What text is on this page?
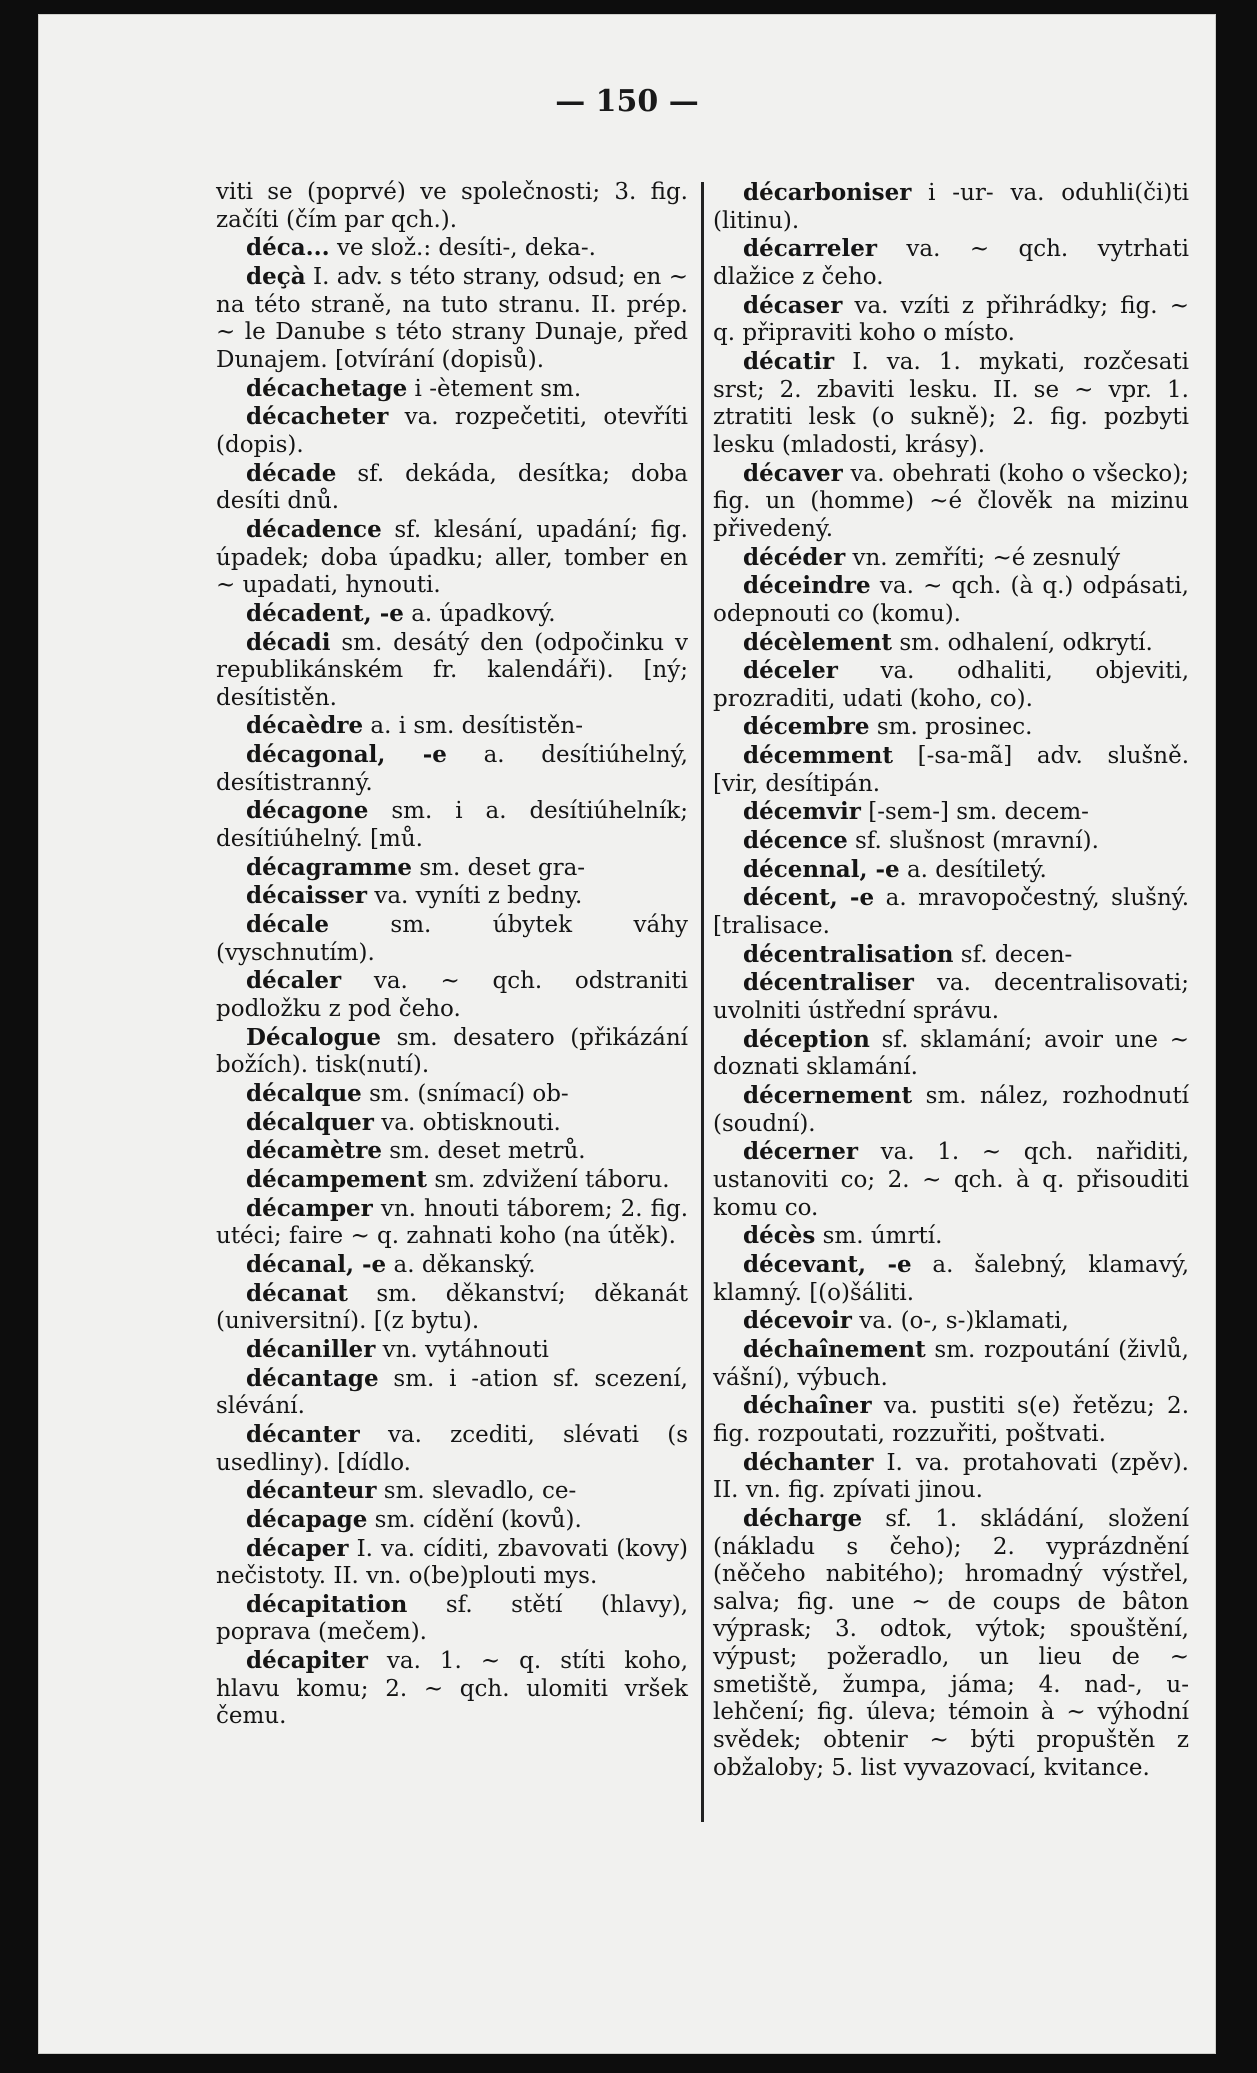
— 150 —

viti se (poprvé) ve společnosti; 3. fig. začíti (čím par qch.).

déca... ve slož.: desíti-, deka-.

deçà I. adv. s této strany, odsud; en ~ na této straně, na tuto stranu. II. prép. ~ le Danube s této strany Dunaje, před Dunajem. [otvírání (dopisů).

décachetage i -ètement sm.

décacheter va. rozpečetiti, otevříti (dopis).

décade sf. dekáda, desítka; doba desíti dnů.

décadence sf. klesání, upadání; fig. úpadek; doba úpadku; aller, tomber en ~ upadati, hynouti.

décadent, -e a. úpadkový.

décadi sm. desátý den (odpočinku v republikánském fr. kalendáři). [ný; desítistěn.

décaèdre a. i sm. desítistěn-

décagonal, -e a. desítiúhelný, desítistranný.

décagone sm. i a. desítiúhelník; desítiúhelný. [mů.

décagramme sm. deset gra-

décaisser va. vyníti z bedny.

décale	sm. úbytek váhy (vyschnutím).

décaler va. ~ qch. odstraniti podložku z pod čeho.

Décalogue sm. desatero (přikázání božích). tisk(nutí).

décalque sm. (snímací) ob-

décalquer va. obtisknouti.

décamètre sm. deset metrů.

décampement sm. zdvižení táboru.

décamper vn. hnouti táborem; 2. fig. utéci; faire ~ q. zahnati koho (na útěk).

décanal, -e a. děkanský.

décanat sm. děkanství; děkanát (universitní). [(z bytu).

décaniller vn. vytáhnouti

décantage sm. i -ation sf. scezení, slévání.

décanter va. zcediti, slévati (s usedliny). [dídlo.

décanteur sm. slevadlo, ce-

décapage sm. cídění (kovů).

décaper I. va. cíditi, zbavovati (kovy) nečistoty. II. vn. o(be)plouti mys.

décapitation sf. stětí (hlavy), poprava (mečem).

décapiter va. 1. ~ q. stíti koho, hlavu komu; 2. ~ qch. ulomiti vršek čemu.

décarboniser i -ur- va. oduhli(či)ti (litinu).

décarreler va. ~ qch. vytrhati dlažice z čeho.

décaser va. vzíti z přihrádky; fig. ~ q. připraviti koho o místo.

décatir I. va. 1. mykati, rozčesati srst; 2. zbaviti lesku. II. se ~ vpr. 1. ztratiti lesk (o sukně); 2. fig. pozbyti lesku (mladosti, krásy).

décaver va. obehrati (koho o všecko); fig. un (homme) ~é člověk na mizinu přivedený.

décéder vn. zemříti; ~é zesnulý

déceindre va. ~ qch. (à q.) odpásati, odepnouti co (komu).

décèlement sm. odhalení, odkrytí.

déceler va. odhaliti, objeviti, prozraditi, udati (koho, co).

décembre sm. prosinec.

décemment [-sa-mã] adv. slušně. [vir, desítipán.

décemvir [-sem-] sm. decem-

décence sf. slušnost (mravní).

décennal, -e a. desítiletý.

décent, -e a. mravopočestný, slušný. [tralisace.

décentralisation sf. decen-

décentraliser va. decentralisovati; uvolniti ústřední správu.

déception sf. sklamání; avoir une ~ doznati sklamání.

décernement sm. nález, rozhodnutí (soudní).

décerner va. 1. ~ qch. nařiditi, ustanoviti co; 2. ~ qch. à q. přisouditi komu co.

décès sm. úmrtí.

décevant, -e a. šalebný, klamavý, klamný. [(o)šáliti.

décevoir va. (o-, s-)klamati,

déchaînement sm. rozpoutání (živlů, vášní), výbuch.

déchaîner va. pustiti s(e) řetězu; 2. fig. rozpoutati, rozzuřiti, poštvati.

déchanter I. va. protahovati (zpěv). II. vn. fig. zpívati jinou.

décharge sf. 1. skládání, složení (nákladu s čeho); 2. vyprázdnění (něčeho nabitého); hromadný výstřel, salva; fig. une ~ de coups de bâton výprask; 3. odtok, výtok; spouštění, výpust; požeradlo, un lieu de ~ smetiště, žumpa, jáma; 4. nad-, u-lehčení; fig. úleva; témoin à ~ výhodní svědek; obtenir ~ býti propuštěn z obžaloby; 5. list vyvazovací, kvitance.
